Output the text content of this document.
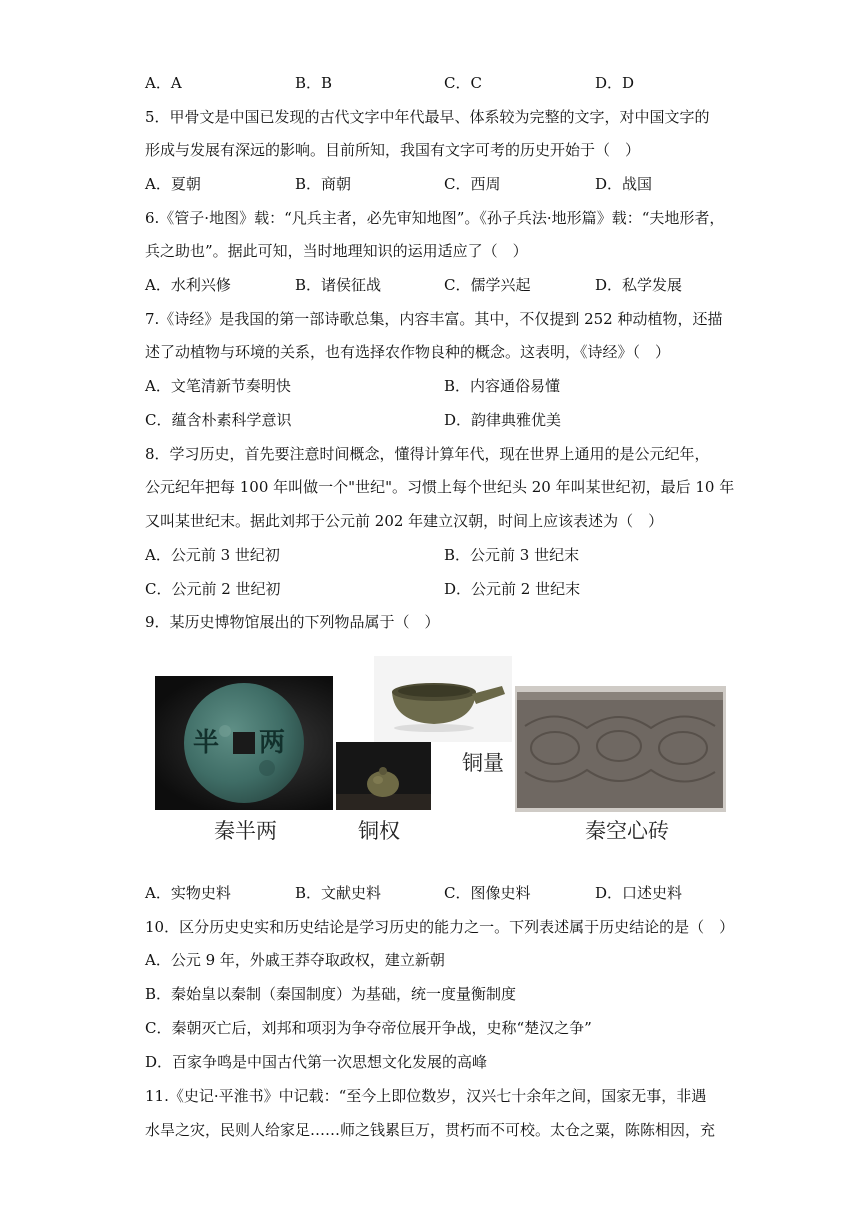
A．A	B．B	C．C	D．D
5．甲骨文是中国已发现的古代文字中年代最早、体系较为完整的文字，对中国文字的
形成与发展有深远的影响。目前所知，我国有文字可考的历史开始于（　）
A．夏朝	B．商朝	C．西周	D．战国
6.《管子·地图》载：“凡兵主者，必先审知地图”。《孙子兵法·地形篇》载：“夫地形者，
兵之助也”。据此可知，当时地理知识的运用适应了（　）
A．水利兴修	B．诸侯征战	C．儒学兴起	D．私学发展
7.《诗经》是我国的第一部诗歌总集，内容丰富。其中，不仅提到 252 种动植物，还描
述了动植物与环境的关系，也有选择农作物良种的概念。这表明，《诗经》（　）
A．文笔清新节奏明快	B．内容通俗易懂
C．蕴含朴素科学意识	D．韵律典雅优美
8．学习历史，首先要注意时间概念，懂得计算年代，现在世界上通用的是公元纪年，
公元纪年把每 100 年叫做一个"世纪"。习惯上每个世纪头 20 年叫某世纪初，最后 10 年
又叫某世纪末。据此刘邦于公元前 202 年建立汉朝，时间上应该表述为（　）
A．公元前 3 世纪初	B．公元前 3 世纪末
C．公元前 2 世纪初	D．公元前 2 世纪末
9．某历史博物馆展出的下列物品属于（　）
半两
秦半两	铜权
铜量
秦空心砖
A．实物史料	B．文献史料	C．图像史料	D．口述史料
10．区分历史史实和历史结论是学习历史的能力之一。下列表述属于历史结论的是（　）
A．公元 9 年，外戚王莽夺取政权，建立新朝
B．秦始皇以秦制（秦国制度）为基础，统一度量衡制度
C．秦朝灭亡后，刘邦和项羽为争夺帝位展开争战，史称“楚汉之争”
D．百家争鸣是中国古代第一次思想文化发展的高峰
11.《史记·平淮书》中记载：“至今上即位数岁，汉兴七十余年之间，国家无事，非遇
水旱之灾，民则人给家足……师之钱累巨万，贯朽而不可校。太仓之粟，陈陈相因，充
